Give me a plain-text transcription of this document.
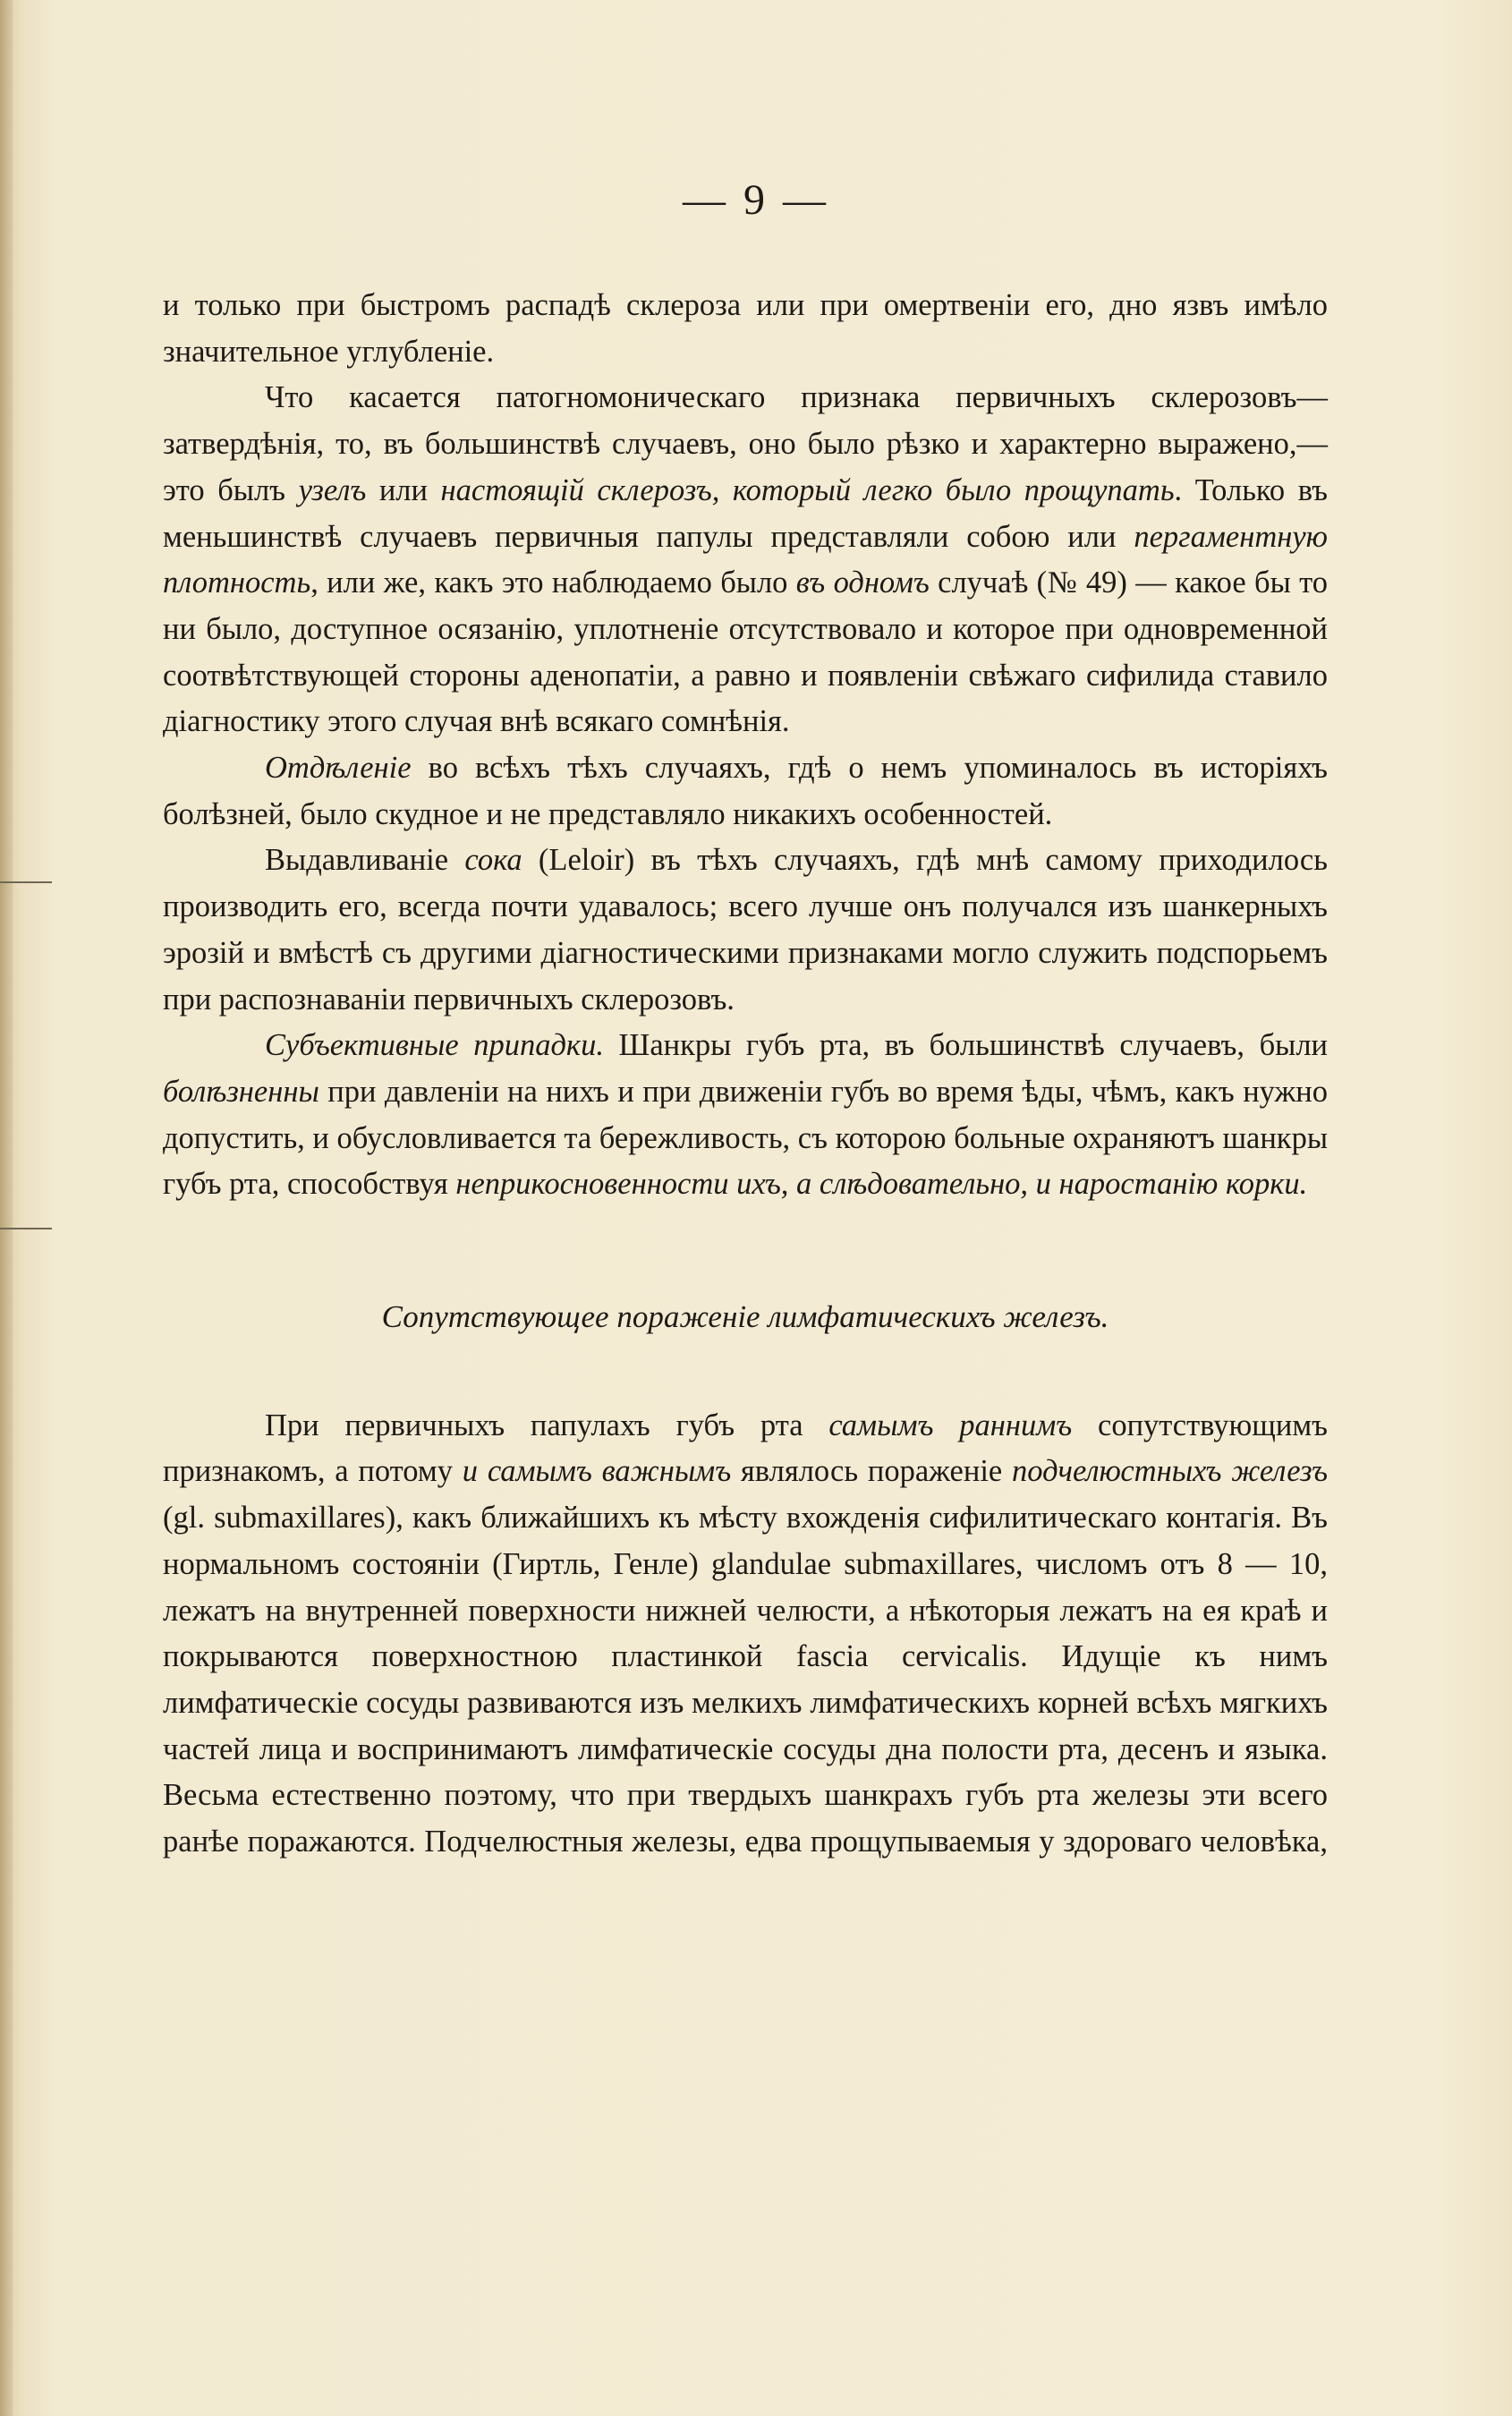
— 9 —

и только при быстромъ распадѣ склероза или при омертвеніи его, дно язвъ имѣло значительное углубленіе.

Что касается патогномоническаго признака первичныхъ склерозовъ—затвердѣнія, то, въ большинствѣ случаевъ, оно было рѣзко и характерно выражено,—это былъ узелъ или настоящій склерозъ, который легко было прощупать. Только въ меньшинствѣ случаевъ первичныя папулы представляли собою или пергаментную плотность, или же, какъ это наблюдаемо было въ одномъ случаѣ (№ 49) — какое бы то ни было, доступное осязанію, уплотненіе отсутствовало и которое при одновременной соотвѣтствующей стороны аденопатіи, а равно и появленіи свѣжаго сифилида ставило діагностику этого случая внѣ всякаго сомнѣнія.

Отдѣленіе во всѣхъ тѣхъ случаяхъ, гдѣ о немъ упоминалось въ исторіяхъ болѣзней, было скудное и не представляло никакихъ особенностей.

Выдавливаніе сока (Leloir) въ тѣхъ случаяхъ, гдѣ мнѣ самому приходилось производить его, всегда почти удавалось; всего лучше онъ получался изъ шанкерныхъ эрозій и вмѣстѣ съ другими діагностическими признаками могло служить подспорьемъ при распознаваніи первичныхъ склерозовъ.

Субъективные припадки. Шанкры губъ рта, въ большинствѣ случаевъ, были болѣзненны при давленіи на нихъ и при движеніи губъ во время ѣды, чѣмъ, какъ нужно допустить, и обусловливается та бережливость, съ которою больные охраняютъ шанкры губъ рта, способствуя неприкосновенности ихъ, а слѣдовательно, и наростанію корки.

Сопутствующее пораженіе лимфатическихъ железъ.

При первичныхъ папулахъ губъ рта самымъ раннимъ сопутствующимъ признакомъ, а потому и самымъ важнымъ являлось пораженіе подчелюстныхъ железъ (gl. submaxillares), какъ ближайшихъ къ мѣсту вхожденія сифилитическаго контагія. Въ нормальномъ состояніи (Гиртль, Генле) glandulae submaxillares, числомъ отъ 8 — 10, лежатъ на внутренней поверхности нижней челюсти, а нѣкоторыя лежатъ на ея краѣ и покрываются поверхностною пластинкой fascia cervicalis. Идущіе къ нимъ лимфатическіе сосуды развиваются изъ мелкихъ лимфатическихъ корней всѣхъ мягкихъ частей лица и воспринимаютъ лимфатическіе сосуды дна полости рта, десенъ и языка. Весьма естественно поэтому, что при твердыхъ шанкрахъ губъ рта железы эти всего ранѣе поражаются. Подчелюстныя железы, едва прощупываемыя у здороваго человѣка,
